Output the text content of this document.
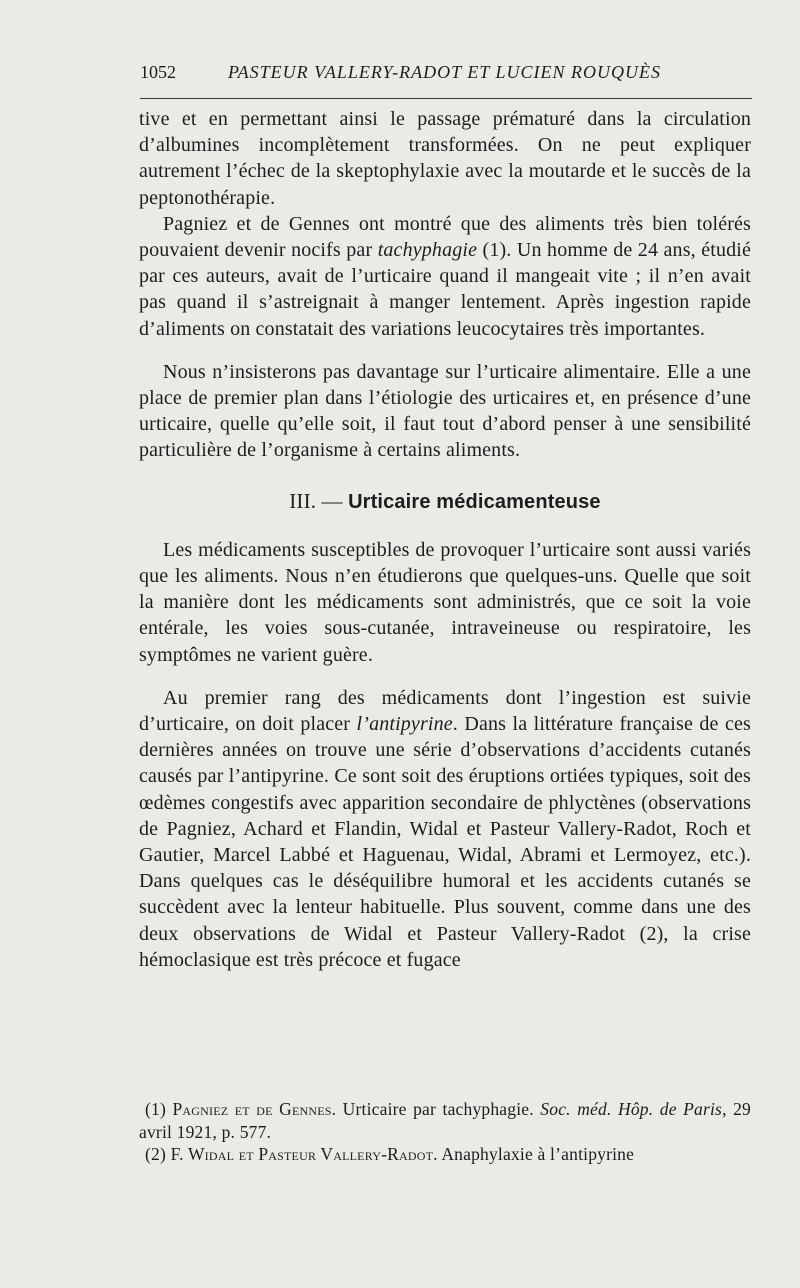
1052	PASTEUR VALLERY-RADOT ET LUCIEN ROUQUÈS

tive et en permettant ainsi le passage prématuré dans la circulation d’albumines incomplètement transformées. On ne peut expliquer autrement l’échec de la skeptophylaxie avec la moutarde et le succès de la peptonothérapie.

Pagniez et de Gennes ont montré que des aliments très bien tolérés pouvaient devenir nocifs par tachyphagie (1). Un homme de 24 ans, étudié par ces auteurs, avait de l’urticaire quand il mangeait vite ; il n’en avait pas quand il s’astreignait à manger lentement. Après ingestion rapide d’aliments on constatait des variations leucocytaires très importantes.

Nous n’insisterons pas davantage sur l’urticaire alimentaire. Elle a une place de premier plan dans l’étiologie des urticaires et, en présence d’une urticaire, quelle qu’elle soit, il faut tout d’abord penser à une sensibilité particulière de l’organisme à certains aliments.

III. — Urticaire médicamenteuse

Les médicaments susceptibles de provoquer l’urticaire sont aussi variés que les aliments. Nous n’en étudierons que quelques-uns. Quelle que soit la manière dont les médicaments sont administrés, que ce soit la voie entérale, les voies sous-cutanée, intraveineuse ou respiratoire, les symptômes ne varient guère.

Au premier rang des médicaments dont l’ingestion est suivie d’urticaire, on doit placer l’antipyrine. Dans la littérature française de ces dernières années on trouve une série d’observations d’accidents cutanés causés par l’antipyrine. Ce sont soit des éruptions ortiées typiques, soit des œdèmes congestifs avec apparition secondaire de phlyctènes (observations de Pagniez, Achard et Flandin, Widal et Pasteur Vallery-Radot, Roch et Gautier, Marcel Labbé et Haguenau, Widal, Abrami et Lermoyez, etc.). Dans quelques cas le déséquilibre humoral et les accidents cutanés se succèdent avec la lenteur habituelle. Plus souvent, comme dans une des deux observations de Widal et Pasteur Vallery-Radot (2), la crise hémoclasique est très précoce et fugace

(1) Pagniez et de Gennes. Urticaire par tachyphagie. Soc. méd. Hôp. de Paris, 29 avril 1921, p. 577.

(2) F. Widal et Pasteur Vallery-Radot. Anaphylaxie à l’antipyrine
